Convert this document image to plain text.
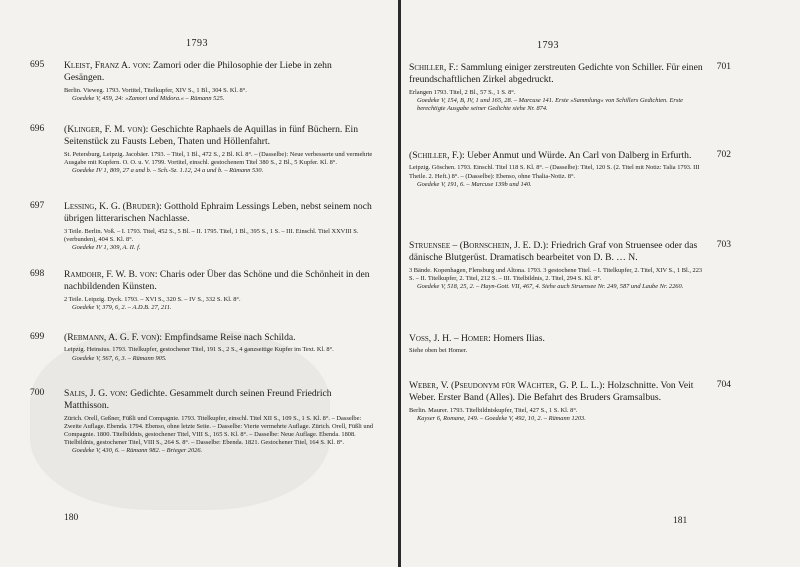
1793
695 Kleist, Franz A. von: Zamori oder die Philosophie der Liebe in zehn Gesängen.
Berlin. Vieweg. 1793. Vortitel, Titelkupfer, XIV S., 1 Bl., 304 S. Kl. 8°.
Goedeke V, 459, 24: »Zamori und Midora.« – Rümann 525.
696 (Klinger, F. M. von): Geschichte Raphaels de Aquillas in fünf Büchern. Ein Seitenstück zu Fausts Leben, Thaten und Höllenfahrt.
St. Petersburg, Leipzig. Jacobäer. 1793. – Titel, 1 Bl., 472 S., 2 Bl. Kl. 8°. – (Dasselbe): Neue verbesserte und vermehrte Ausgabe mit Kupfern. O. O. u. V. 1799. Vortitel, einschl. gestochenem Titel 380 S., 2 Bl., 5 Kupfer. Kl. 8°.
Goedeke IV 1, 809, 27 a und b. – Sch.-Sz. 1.12, 24 a und b. – Rümann 530.
697 Lessing, K. G. (Bruder): Gotthold Ephraim Lessings Leben, nebst seinem noch übrigen litterarischen Nachlasse.
3 Teile. Berlin. Voß. – I. 1793. Titel, 452 S., 5 Bl. – II. 1795. Titel, 1 Bl., 395 S., 1 S. – III. Einschl. Titel XXVIII S. (verbunden), 404 S. Kl. 8°.
Goedeke IV 1, 309, A. II. f.
698 Ramdohr, F. W. B. von: Charis oder Über das Schöne und die Schönheit in den nachbildenden Künsten.
2 Teile. Leipzig. Dyck. 1793. – XVI S., 320 S. – IV S., 332 S. Kl. 8°.
Goedeke V, 379, 6, 2. – A.D.B. 27, 211.
699 (Rebmann, A. G. F. von): Empfindsame Reise nach Schilda.
Leipzig. Heinsius. 1793. Titelkupfer, gestochener Titel, 191 S., 2 S., 4 ganzseitige Kupfer im Text. Kl. 8°.
Goedeke V, 567, 6, 3. – Rümann 905.
700 Salis, J. G. von: Gedichte. Gesammelt durch seinen Freund Friedrich Matthisson.
Zürich. Orell, Geßner, Füßli und Compagnie. 1793. Titelkupfer, einschl. Titel XII S., 109 S., 1 S. Kl. 8°. – Dasselbe: Zweite Auflage. Ebenda. 1794. Ebenso, ohne letzte Seite. – Dasselbe: Vierte vermehrte Auflage. Zürich. Orell, Füßli und Compagnie. 1800. Titelbildnis, gestochener Titel, VIII S., 165 S. Kl. 8°. – Dasselbe: Neue Auflage. Ebenda. 1808. Titelbildnis, gestochener Titel, VIII S., 264 S. 8°. – Dasselbe: Ebenda. 1821. Gestochener Titel, 164 S. Kl. 8°.
Goedeke V, 430, 6. – Rümann 982. – Brieger 2026.
180
1793
701
Schiller, F.: Sammlung einiger zerstreuten Gedichte von Schiller. Für einen freundschaftlichen Zirkel abgedruckt.
Erlangen 1793. Titel, 2 Bl., 57 S., 1 S. 8°.
Goedeke V, 154, B, IV, 1 und 165, 28. – Marcuse 141. Erste »Sammlung« von Schillers Gedichten. Erste berechtigte Ausgabe seiner Gedichte siehe Nr. 874.
702
(Schiller, F.): Ueber Anmut und Würde. An Carl von Dalberg in Erfurth.
Leipzig. Göschen. 1793. Einschl. Titel 118 S. Kl. 8°. – (Dasselbe): Titel, 120 S. (2. Titel mit Notiz: Talia 1793. III Theile. 2. Heft.) 8°. – (Dasselbe): Ebenso, ohne Thalia-Notiz. 8°.
Goedeke V, 191, 6. – Marcuse 139b und 140.
703
Struensee – (Bornschein, J. E. D.): Friedrich Graf von Struensee oder das dänische Blutgerüst. Dramatisch bearbeitet von D. B. … N.
3 Bände. Kopenhagen, Flensburg und Altona. 1793. 3 gestochene Titel. – I. Titelkupfer, 2. Titel, XIV S., 1 Bl., 223 S. – II. Titelkupfer, 2. Titel, 212 S. – III. Titelbildnis, 2. Titel, 294 S. Kl. 8°.
Goedeke V, 518, 25, 2. – Hayn-Gott. VII, 467, 4. Siehe auch Struensee Nr. 249, 587 und Laube Nr. 2260.
Voss, J. H. – Homer: Homers Ilias.
Siehe oben bei Homer.
704
Weber, V. (Pseudonym für Wächter, G. P. L. L.): Holzschnitte. Von Veit Weber. Erster Band (Alles). Die Befahrt des Bruders Gramsalbus.
Berlin. Maurer. 1793. Titelbildniskupfer, Titel, 427 S., 1 S. Kl. 8°.
Kayser 6, Romane, 149. – Goedeke V, 492, 10, 2. – Rümann 1203.
181
